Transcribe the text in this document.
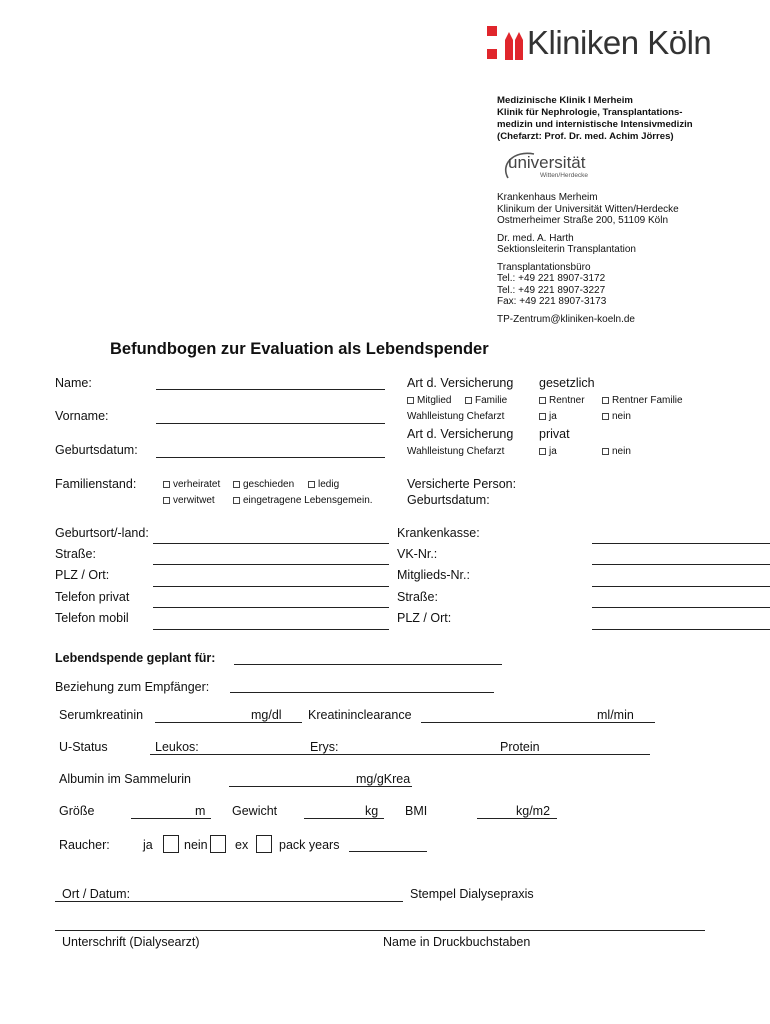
Kliniken Köln
Medizinische Klinik I Merheim
Klinik für Nephrologie, Transplantations-
medizin und internistische Intensivmedizin
(Chefarzt: Prof. Dr. med. Achim Jörres)
universität
Witten/Herdecke
Krankenhaus Merheim
Klinikum der Universität Witten/Herdecke
Ostmerheimer Straße 200, 51109 Köln
Dr. med. A. Harth
Sektionsleiterin Transplantation
Transplantationsbüro
Tel.: +49 221 8907-3172
Tel.: +49 221 8907-3227
Fax: +49 221 8907-3173
TP-Zentrum@kliniken-koeln.de
Befundbogen zur Evaluation als Lebendspender
Name:
Vorname:
Geburtsdatum:
Familienstand:	verheiratet	geschieden	ledig
verwitwet	eingetragene Lebensgemein.
Art d. Versicherung gesetzlich
Mitglied	Familie	Rentner	Rentner Familie
Wahlleistung Chefarzt	ja	nein
Art d. Versicherung privat
Wahlleistung Chefarzt	ja	nein
Versicherte Person:
Geburtsdatum:
Geburtsort/-land:
Straße:
PLZ / Ort:
Telefon privat
Telefon mobil
Krankenkasse:
VK-Nr.:
Mitglieds-Nr.:
Straße:
PLZ / Ort:
Lebendspende geplant für:
Beziehung zum Empfänger:
Serumkreatinin	mg/dl Kreatininclearance	ml/min
U-Status	Leukos:	Erys:	Protein
Albumin im Sammelurin	mg/gKrea
Größe	m Gewicht	kg BMI	kg/m2
Raucher:	ja	nein ex pack years
Ort / Datum:	Stempel Dialysepraxis
Unterschrift (Dialysearzt)	Name in Druckbuchstaben
